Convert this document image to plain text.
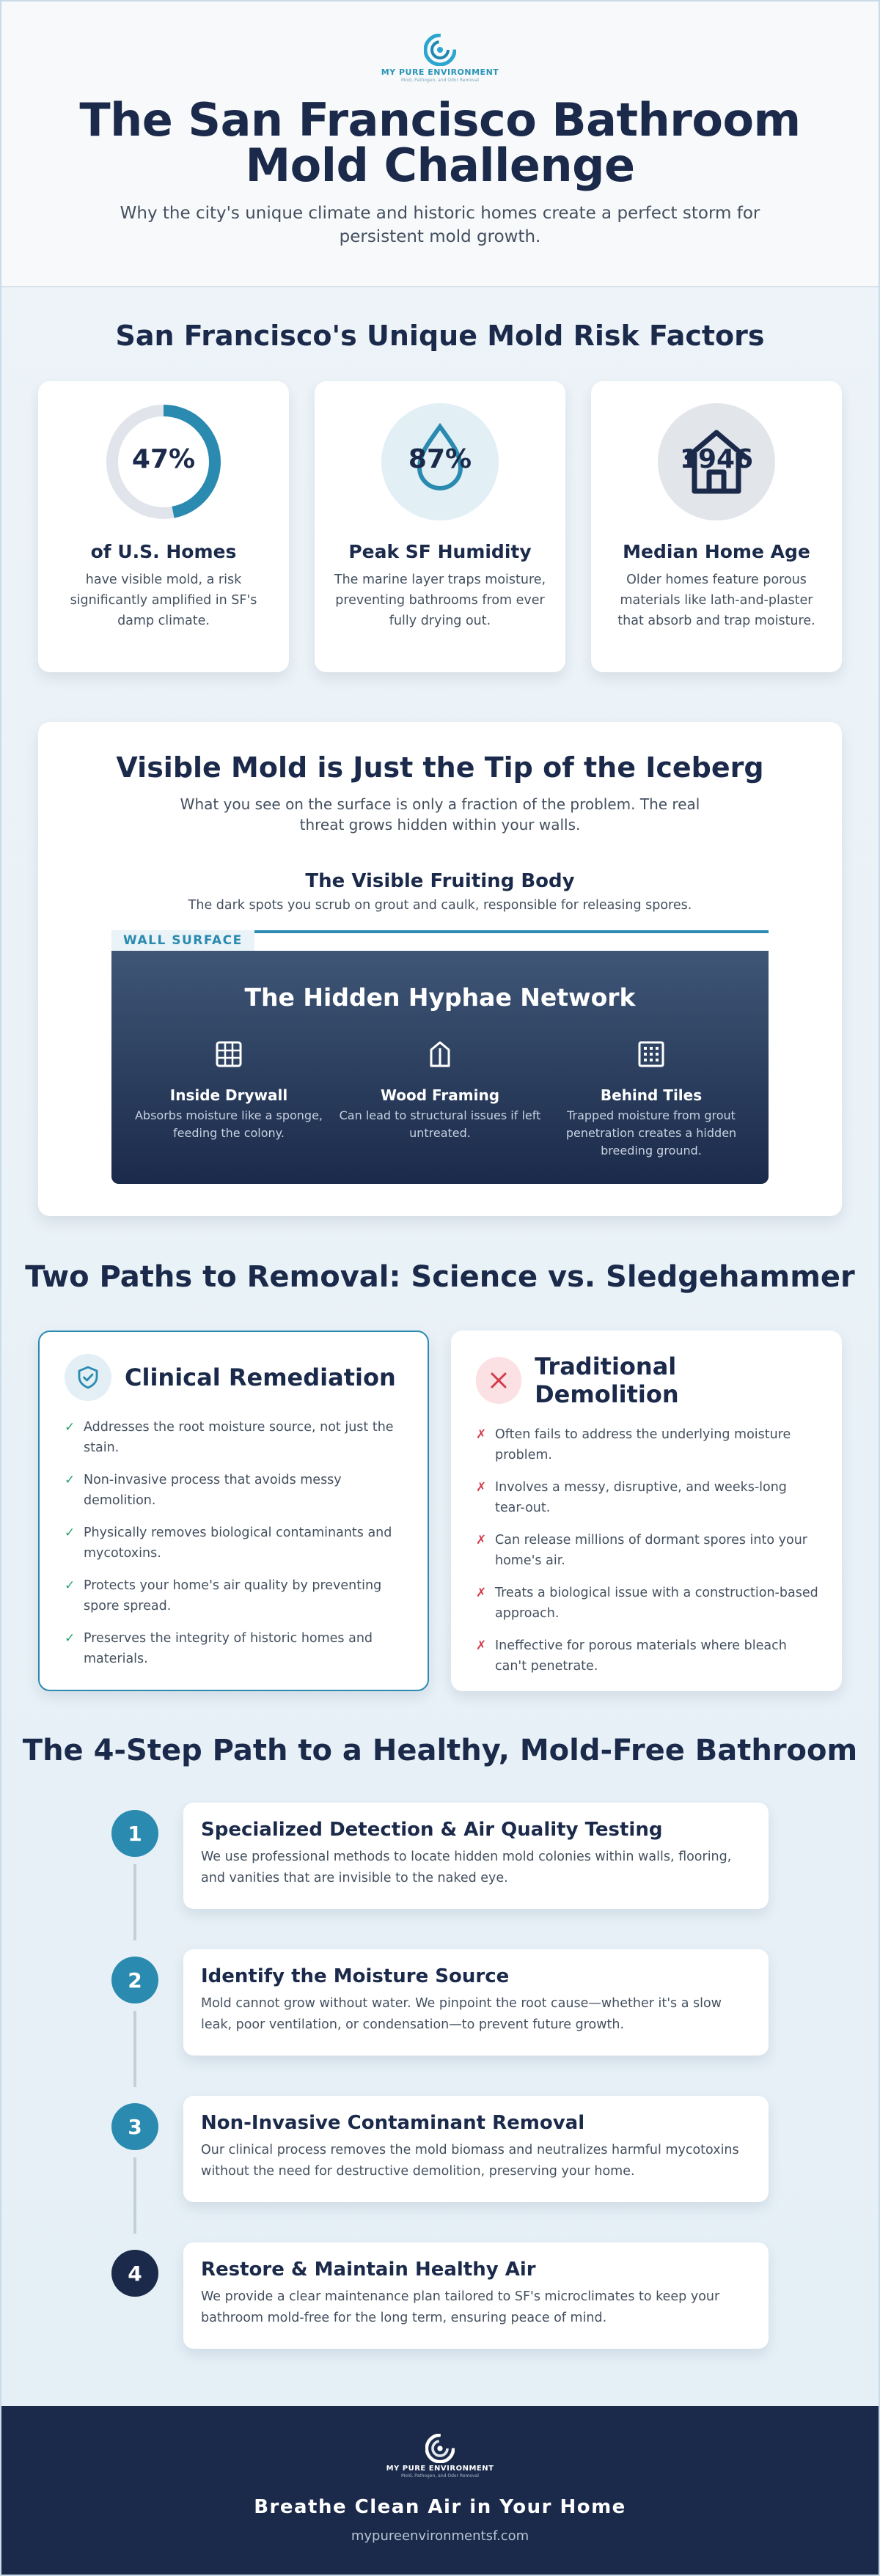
MY PURE ENVIRONMENT
Mold, Pathogen, and Odor Removal
The San Francisco Bathroom
Mold Challenge

Why the city's unique climate and historic homes create a perfect storm for persistent mold growth.

San Francisco's Unique Mold Risk Factors
47%
of U.S. Homes

have visible mold, a risk significantly amplified in SF's damp climate.

87%
Peak SF Humidity

The marine layer traps moisture, preventing bathrooms from ever fully drying out.

1946
Median Home Age

Older homes feature porous materials like lath-and-plaster that absorb and trap moisture.

Visible Mold is Just the Tip of the Iceberg

What you see on the surface is only a fraction of the problem. The real threat grows hidden within your walls.

The Visible Fruiting Body
The dark spots you scrub on grout and caulk, responsible for releasing spores.
WALL SURFACE
The Hidden Hyphae Network
Inside Drywall

Absorbs moisture like a sponge, feeding the colony.

Wood Framing

Can lead to structural issues if left untreated.

Behind Tiles

Trapped moisture from grout penetration creates a hidden breeding ground.

Two Paths to Removal: Science vs. Sledgehammer
Clinical Remediation
✓ Addresses the root moisture source, not just the stain.
✓ Non-invasive process that avoids messy demolition.
✓ Physically removes biological contaminants and mycotoxins.
✓ Protects your home's air quality by preventing spore spread.
✓ Preserves the integrity of historic homes and materials.
Traditional Demolition
✗ Often fails to address the underlying moisture problem.
✗ Involves a messy, disruptive, and weeks-long tear-out.
✗ Can release millions of dormant spores into your home's air.
✗ Treats a biological issue with a construction-based approach.
✗ Ineffective for porous materials where bleach can't penetrate.
The 4-Step Path to a Healthy, Mold-Free Bathroom
1	Specialized Detection & Air Quality Testing

We use professional methods to locate hidden mold colonies within walls, flooring, and vanities that are invisible to the naked eye.

2	Identify the Moisture Source

Mold cannot grow without water. We pinpoint the root cause—whether it's a slow leak, poor ventilation, or condensation—to prevent future growth.

3	Non-Invasive Contaminant Removal

Our clinical process removes the mold biomass and neutralizes harmful mycotoxins without the need for destructive demolition, preserving your home.

4	Restore & Maintain Healthy Air

We provide a clear maintenance plan tailored to SF's microclimates to keep your bathroom mold-free for the long term, ensuring peace of mind.

MY PURE ENVIRONMENT
Mold, Pathogen, and Odor Removal
Breathe Clean Air in Your Home
mypureenvironmentsf.com
